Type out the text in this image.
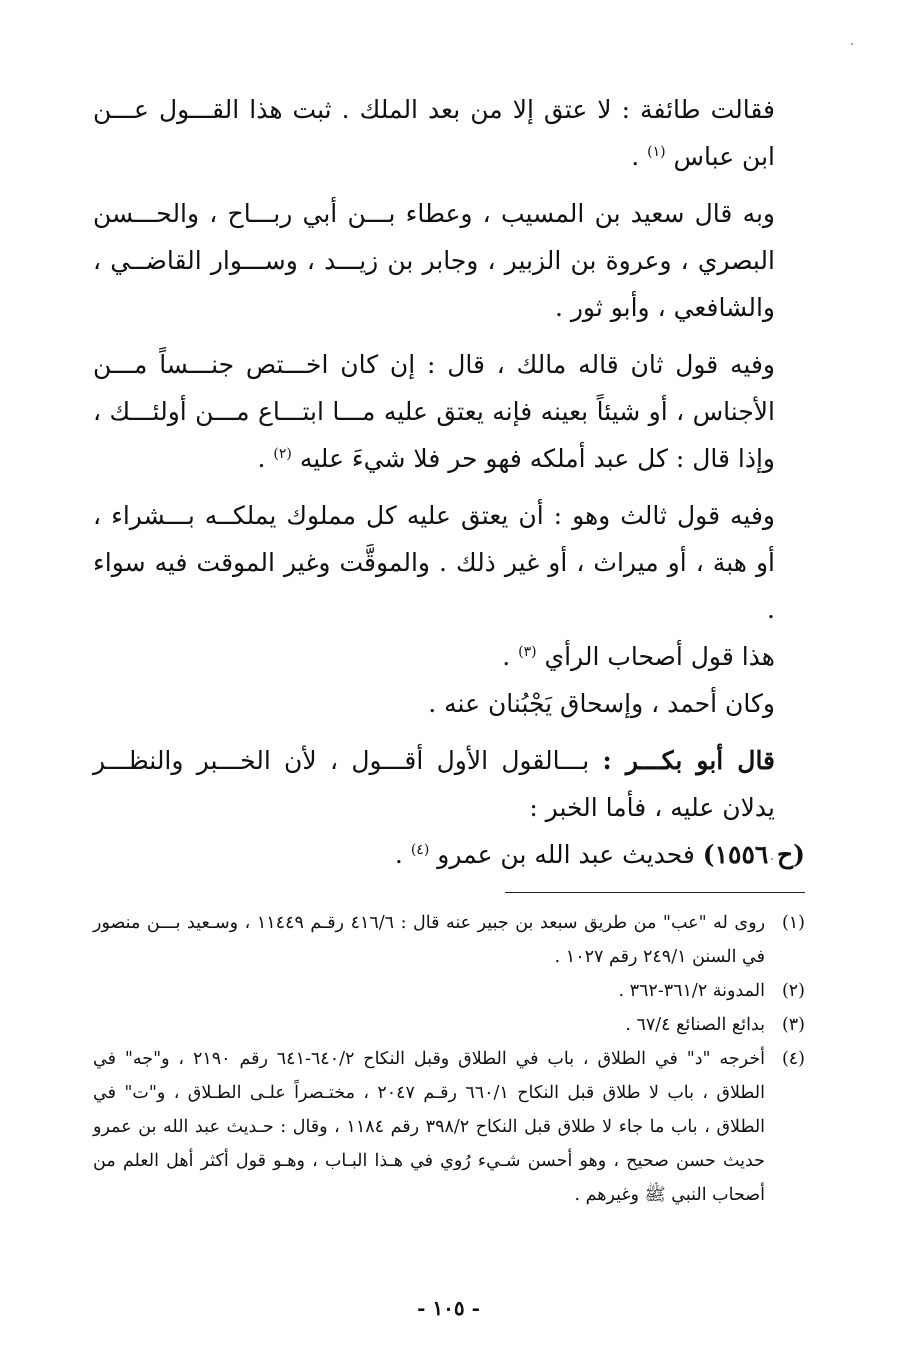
فقالت طائفة : لا عتق إلا من بعد الملك . ثبت هذا القـــول عـــن ابن عباس $^{(١)}$ .

وبه قال سعيد بن المسيب ، وعطاء بـــن أبي ربـــاح ، والحـــسن البصري ، وعروة بن الزبير ، وجابر بن زيـــد ، وســـوار القاضــي ، والشافعي ، وأبو ثور .

وفيه قول ثان قاله مالك ، قال : إن كان اخـــتص جنـــساً مـــن الأجناس ، أو شيئاً بعينه فإنه يعتق عليه مـــا ابتـــاع مـــن أولئـــك ، وإذا قال : كل عبد أملكه فهو حر فلا شيءَ عليه $^{(٢)}$ .

وفيه قول ثالث وهو : أن يعتق عليه كل مملوك يملكــه بـــشراء ، أو هبة ، أو ميراث ، أو غير ذلك . والموقَّت وغير الموقت فيه سواء .

هذا قول أصحاب الرأي $^{(٣)}$ .

وكان أحمد ، وإسحاق يَجْبُنان عنه .

قال أبو بكـــر : بـــالقول الأول أقـــول ، لأن الخـــبر والنظـــر يدلان عليه ، فأما الخبر :

(ح ١٥٥٦) فحديث عبد الله بن عمرو $^{(٤)}$ .

(١)
روى له "عب" من طريق سبعد بن جبير عنه قال : ٤١٦/٦ رقـم ١١٤٤٩ ، وسـعيد بـــن منصور في السنن ٢٤٩/١ رقم ١٠٢٧ .
(٢)
المدونة ٣٦١/٢-٣٦٢ .
(٣)
بدائع الصنائع ٦٧/٤ .
(٤)
أخرجه "د" في الطلاق ، باب في الطلاق وقبل النكاح ٦٤٠/٢-٦٤١ رقم ٢١٩٠ ، و"جه" في الطلاق ، باب لا طلاق قبل النكاح ٦٦٠/١ رقـم ٢٠٤٧ ، مختـصراً علـى الطـلاق ، و"ت" في الطلاق ، باب ما جاء لا طلاق قبل النكاح ٣٩٨/٢ رقم ١١٨٤ ، وقال : حـديث عبد الله بن عمرو حديث حسن صحيح ، وهو أحسن شـيء رُوي في هـذا البـاب ، وهـو قول أكثر أهل العلم من أصحاب النبي ﷺ وغيرهم .
- ١٠٥ -
